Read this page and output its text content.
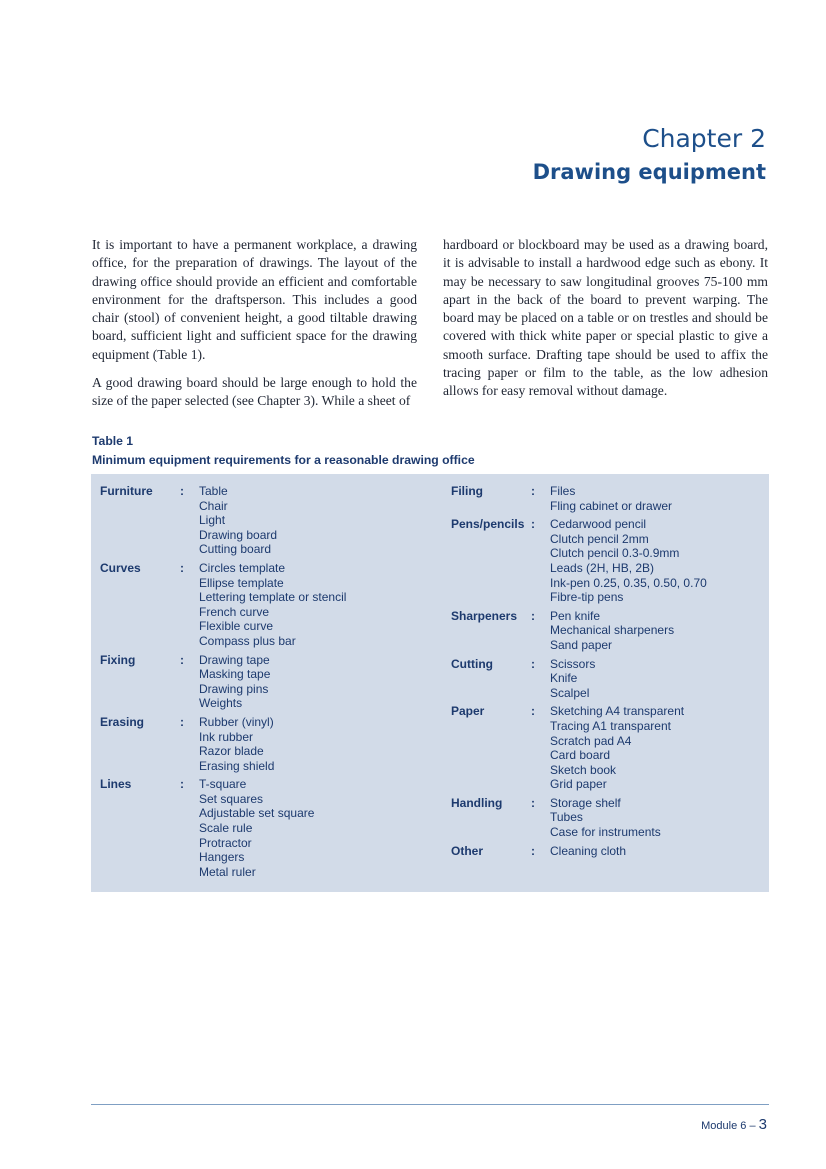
Chapter 2
Drawing equipment

It is important to have a permanent workplace, a drawing office, for the preparation of drawings. The layout of the drawing office should provide an efficient and comfortable environment for the draftsperson. This includes a good chair (stool) of convenient height, a good tiltable drawing board, sufficient light and sufficient space for the drawing equipment (Table 1).

A good drawing board should be large enough to hold the size of the paper selected (see Chapter 3). While a sheet of

hardboard or blockboard may be used as a drawing board, it is advisable to install a hardwood edge such as ebony. It may be necessary to saw longitudinal grooves 75-100 mm apart in the back of the board to prevent warping. The board may be placed on a table or on trestles and should be covered with thick white paper or special plastic to give a smooth surface. Drafting tape should be used to affix the tracing paper or film to the table, as the low adhesion allows for easy removal without damage.

Table 1
Minimum equipment requirements for a reasonable drawing office
Furniture	:	Table
Chair
Light
Drawing board
Cutting board
Curves	:	Circles template
Ellipse template
Lettering template or stencil
French curve
Flexible curve
Compass plus bar
Fixing	:	Drawing tape
Masking tape
Drawing pins
Weights
Erasing	:	Rubber (vinyl)
Ink rubber
Razor blade
Erasing shield
Lines	:	T-square
Set squares
Adjustable set square
Scale rule
Protractor
Hangers
Metal ruler
Filing	:	Files
Fling cabinet or drawer
Pens/pencils :	Cedarwood pencil
Clutch pencil 2mm
Clutch pencil 0.3-0.9mm
Leads (2H, HB, 2B)
Ink-pen 0.25, 0.35, 0.50, 0.70
Fibre-tip pens
Sharpeners	:	Pen knife
Mechanical sharpeners
Sand paper
Cutting	:	Scissors
Knife
Scalpel
Paper	:	Sketching A4 transparent
Tracing A1 transparent
Scratch pad A4
Card board
Sketch book
Grid paper
Handling	:	Storage shelf
Tubes
Case for instruments
Other	:	Cleaning cloth
Module 6 – 3
